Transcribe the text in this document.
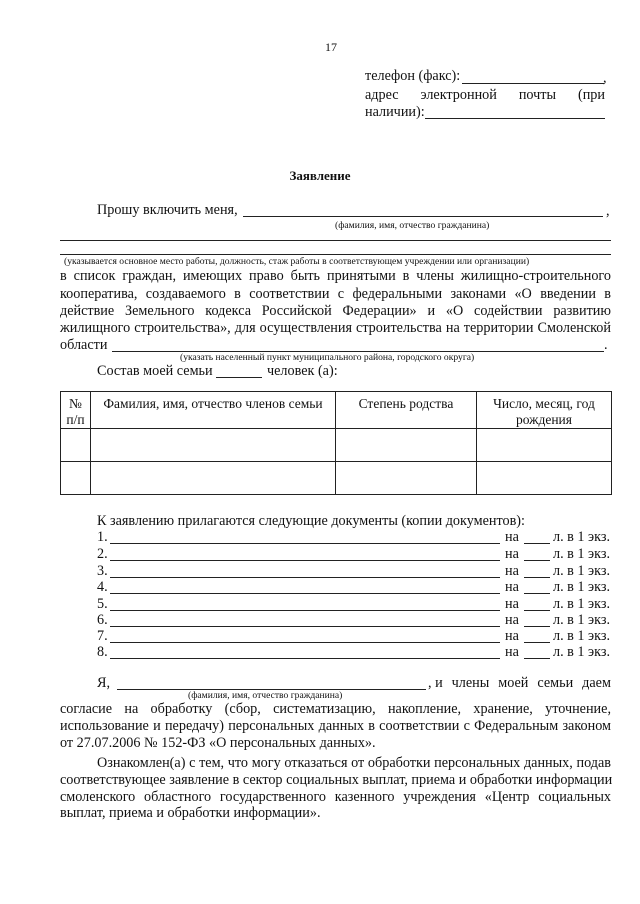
17
телефон (факс):	,
адрес электронной почты (при
наличии):
Заявление
Прошу включить меня,	,
(фамилия, имя, отчество гражданина)
(указывается основное место работы, должность, стаж работы в соответствующем учреждении или организации)
в список граждан, имеющих право быть принятыми в члены жилищно-строительного
кооператива, создаваемого в соответствии с федеральными законами «О введении в
действие Земельного кодекса Российской Федерации» и «О содействии развитию
жилищного строительства», для осуществления строительства на территории Смоленской
области	.
(указать населенный пункт муниципального района, городского округа)
Состав моей семьи	человек (а):
№ п/п	Фамилия, имя, отчество членов семьи	Степень родства	Число, месяц, год рождения

К заявлению прилагаются следующие документы (копии документов):
1.	на л. в 1 экз.
2.	на л. в 1 экз.
3.	на л. в 1 экз.
4.	на л. в 1 экз.
5.	на л. в 1 экз.
6.	на л. в 1 экз.
7.	на л. в 1 экз.
8.	на л. в 1 экз.
Я,	, и члены моей семьи даем
(фамилия, имя, отчество гражданина)
согласие на обработку (сбор, систематизацию, накопление, хранение, уточнение,
использование и передачу) персональных данных в соответствии с Федеральным законом
от 27.07.2006 № 152-ФЗ «О персональных данных».
Ознакомлен(а) с тем, что могу отказаться от обработки персональных данных, подав
соответствующее заявление в сектор социальных выплат, приема и обработки информации
смоленского областного государственного казенного учреждения «Центр социальных
выплат, приема и обработки информации».
